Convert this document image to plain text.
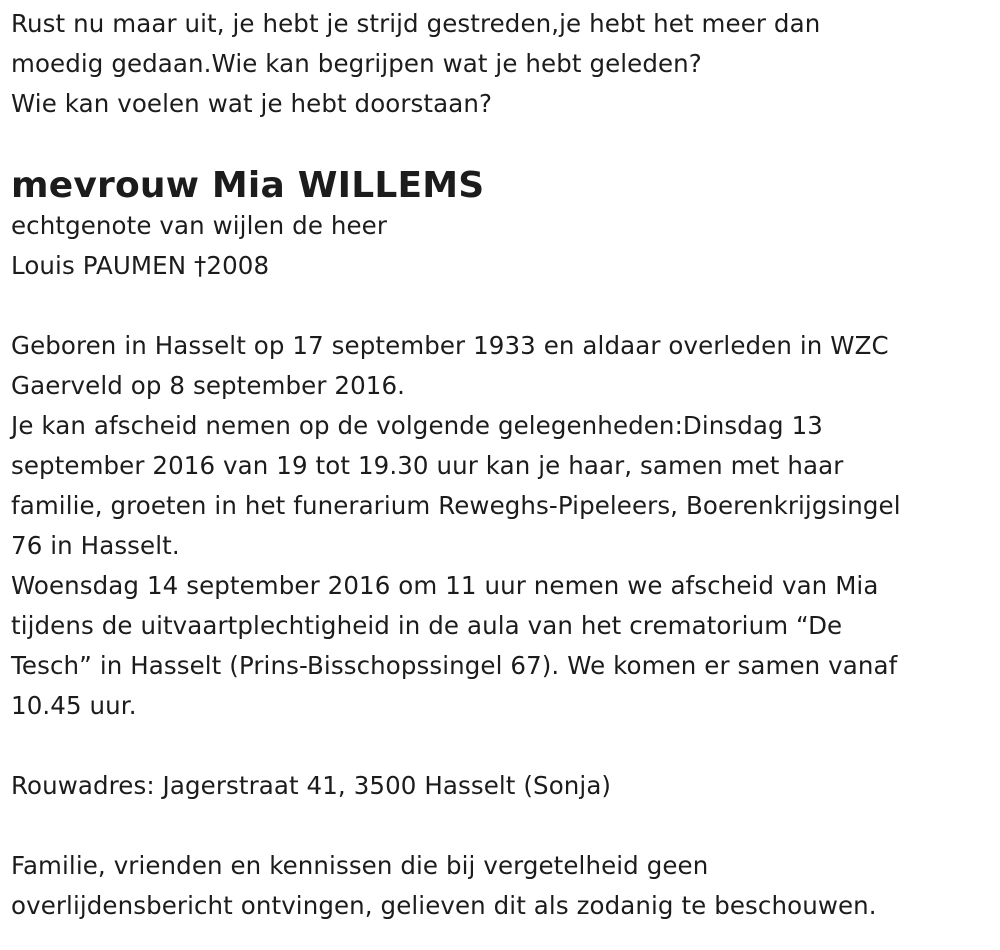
Rust nu maar uit, je hebt je strijd gestreden,je hebt het meer dan
moedig gedaan.Wie kan begrijpen wat je hebt geleden?
Wie kan voelen wat je hebt doorstaan?
mevrouw Mia WILLEMS
echtgenote van wijlen de heer
Louis PAUMEN †2008
Geboren in Hasselt op 17 september 1933 en aldaar overleden in WZC
Gaerveld op 8 september 2016.
Je kan afscheid nemen op de volgende gelegenheden:Dinsdag 13
september 2016 van 19 tot 19.30 uur kan je haar, samen met haar
familie, groeten in het funerarium Reweghs-Pipeleers, Boerenkrijgsingel
76 in Hasselt.
Woensdag 14 september 2016 om 11 uur nemen we afscheid van Mia
tijdens de uitvaartplechtigheid in de aula van het crematorium “De
Tesch” in Hasselt (Prins-Bisschopssingel 67). We komen er samen vanaf
10.45 uur.
Rouwadres: Jagerstraat 41, 3500 Hasselt (Sonja)
Familie, vrienden en kennissen die bij vergetelheid geen
overlijdensbericht ontvingen, gelieven dit als zodanig te beschouwen.
